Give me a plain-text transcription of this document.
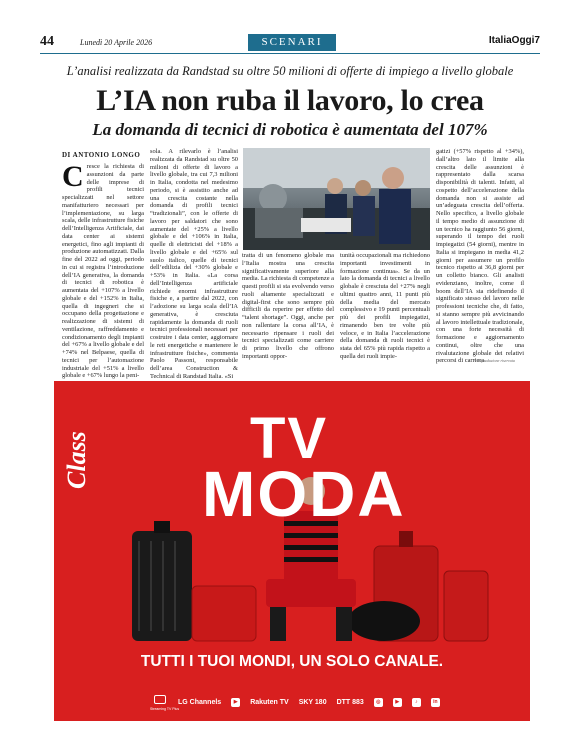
44	Lunedì 20 Aprile 2026	SCENARI	ItaliaOggi7
L’analisi realizzata da Randstad su oltre 50 milioni di offerte di impiego a livello globale
L’IA non ruba il lavoro, lo crea
La domanda di tecnici di robotica è aumentata del 107%
DI ANTONIO LONGO
Cresce la richiesta di assunzioni da parte delle imprese di profili tecnici specializzati nel settore manifatturiero necessari per l’implementazione, su larga scala, delle infrastrutture fisiche dell’Intelligenza Artificiale, dai data center ai sistemi energetici, fino agli impianti di produzione automatizzati. Dalla fine del 2022 ad oggi, periodo in cui si registra l’introduzione dell’IA generativa, la domanda di tecnici di robotica è aumentata del +107% a livello globale e del +152% in Italia, quella di ingegneri che si occupano della progettazione e realizzazione di sistemi di ventilazione, raffreddamento e condizionamento degli impianti del +67% a livello globale e del +74% nel Belpaese, quella di tecnici per l’automazione industriale del +51% a livello globale e +67% lungo la peni-
sola. A rilevarlo è l’analisi realizzata da Randstad su oltre 50 milioni di offerte di lavoro a livello globale, tra cui 7,3 milioni in Italia, condotta nel medesimo periodo, si è assistito anche ad una crescita costante nella domanda di profili tecnici “tradizionali”, con le offerte di lavoro per saldatori che sono aumentate del +25% a livello globale e del +106% in Italia, quelle di elettricisti del +18% a livello globale e del +65% sul suolo italico, quelle di tecnici dell’edilizia del +30% globale e +53% in Italia. «La corsa dell’Intelligenza artificiale richiede enormi infrastrutture fisiche e, a partire dal 2022, con l’adozione su larga scala dell’IA generativa, è cresciuta rapidamente la domanda di ruoli tecnici professionali necessari per costruire i data center, aggiornare le reti energetiche e mantenere le infrastrutture fisiche», commenta Paolo Passoni, responsabile dell’area Construction & Technical di Randstad Italia. «Si
tratta di un fenomeno globale ma l’Italia mostra una crescita significativamente superiore alla media. La richiesta di competenze a questi profili si sta evolvendo verso ruoli altamente specializzati e digital-first che sono sempre più difficili da reperire per effetto del “talent shortage”. Oggi, anche per non rallentare la corsa all’IA, è necessario ripensare i ruoli dei tecnici specializzati come carriere di primo livello che offrono importanti oppor-
tunità occupazionali ma richiedono importanti investimenti in formazione continua». Se da un lato la domanda di tecnici a livello globale è cresciuta del +27% negli ultimi quattro anni, 11 punti più della media del mercato complessivo e 19 punti percentuali più dei profili impiegatizi, rimanendo ben tre volte più veloce, e in Italia l’accelerazione della domanda di ruoli tecnici è stata del 65% più rapida rispetto a quella dei ruoli impie-
gatizi (+57% rispetto al +34%), dall’altro lato il limite alla crescita delle assunzioni è rappresentato dalla scarsa disponibilità di talenti. Infatti, al cospetto dell’accelerazione della domanda non si assiste ad un’adeguata crescita dell’offerta. Nello specifico, a livello globale il tempo medio di assunzione di un tecnico ha raggiunto 56 giorni, superando il tempo dei ruoli impiegatizi (54 giorni), mentre in Italia si impiegano in media 41,2 giorni per assumere un profilo tecnico rispetto ai 36,8 giorni per un colletto bianco. Gli analisti evidenziano, inoltre, come il boom dell’IA sta ridefinendo il significato stesso del lavoro nelle professioni tecniche che, di fatto, si stanno sempre più avvicinando al lavoro intellettuale tradizionale, con una forte necessità di formazione e aggiornamento continui, oltre che una rivalutazione globale dei relativi percorsi di carriera.
© Riproduzione riservata
Class	TV
MODA
TUTTI I TUOI MONDI, UN SOLO CANALE.
Streaming TV Plus
LG Channels	▶	Rakuten TV SKY 180 DTT 883	◎	▶	♪	in
